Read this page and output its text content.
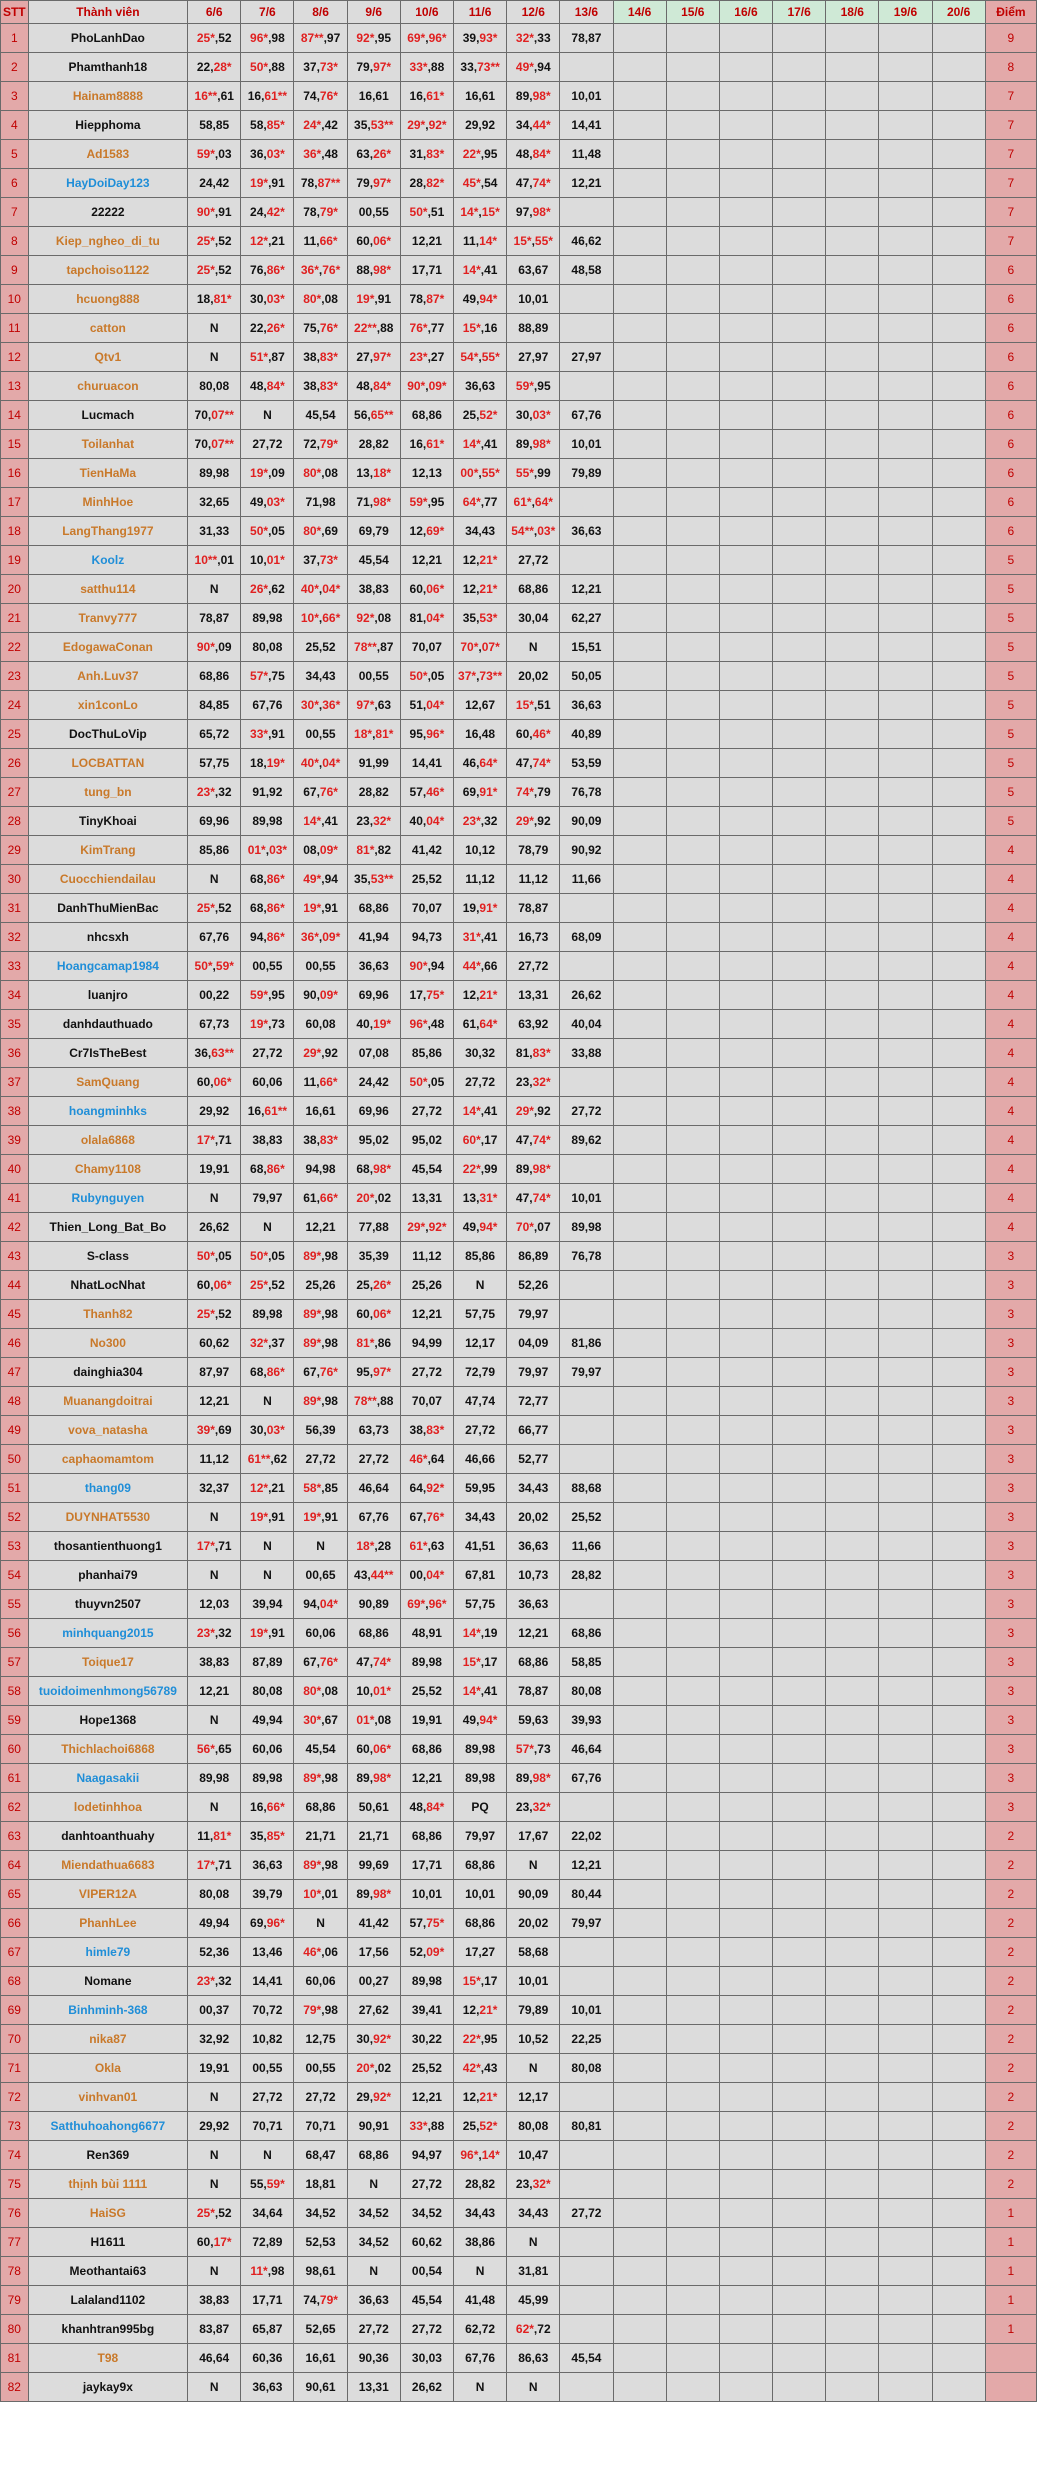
STT	Thành viên	6/6	7/6	8/6	9/6	10/6	11/6	12/6	13/6	14/6	15/6	16/6	17/6	18/6	19/6	20/6	Điểm
1	PhoLanhDao	25*,52	96*,98	87**,97	92*,95	69*,96*	39,93*	32*,33	78,87								9
2	Phamthanh18	22,28*	50*,88	37,73*	79,97*	33*,88	33,73**	49*,94									8
3	Hainam8888	16**,61	16,61**	74,76*	16,61	16,61*	16,61	89,98*	10,01								7
4	Hiepphoma	58,85	58,85*	24*,42	35,53**	29*,92*	29,92	34,44*	14,41								7
5	Ad1583	59*,03	36,03*	36*,48	63,26*	31,83*	22*,95	48,84*	11,48								7
6	HayDoiDay123	24,42	19*,91	78,87**	79,97*	28,82*	45*,54	47,74*	12,21								7
7	22222	90*,91	24,42*	78,79*	00,55	50*,51	14*,15*	97,98*									7
8	Kiep_ngheo_di_tu	25*,52	12*,21	11,66*	60,06*	12,21	11,14*	15*,55*	46,62								7
9	tapchoiso1122	25*,52	76,86*	36*,76*	88,98*	17,71	14*,41	63,67	48,58								6
10	hcuong888	18,81*	30,03*	80*,08	19*,91	78,87*	49,94*	10,01									6
11	catton	N	22,26*	75,76*	22**,88	76*,77	15*,16	88,89									6
12	Qtv1	N	51*,87	38,83*	27,97*	23*,27	54*,55*	27,97	27,97								6
13	churuacon	80,08	48,84*	38,83*	48,84*	90*,09*	36,63	59*,95									6
14	Lucmach	70,07**	N	45,54	56,65**	68,86	25,52*	30,03*	67,76								6
15	Toilanhat	70,07**	27,72	72,79*	28,82	16,61*	14*,41	89,98*	10,01								6
16	TienHaMa	89,98	19*,09	80*,08	13,18*	12,13	00*,55*	55*,99	79,89								6
17	MinhHoe	32,65	49,03*	71,98	71,98*	59*,95	64*,77	61*,64*									6
18	LangThang1977	31,33	50*,05	80*,69	69,79	12,69*	34,43	54**,03*	36,63								6
19	Koolz	10**,01	10,01*	37,73*	45,54	12,21	12,21*	27,72									5
20	satthu114	N	26*,62	40*,04*	38,83	60,06*	12,21*	68,86	12,21								5
21	Tranvy777	78,87	89,98	10*,66*	92*,08	81,04*	35,53*	30,04	62,27								5
22	EdogawaConan	90*,09	80,08	25,52	78**,87	70,07	70*,07*	N	15,51								5
23	Anh.Luv37	68,86	57*,75	34,43	00,55	50*,05	37*,73**	20,02	50,05								5
24	xin1conLo	84,85	67,76	30*,36*	97*,63	51,04*	12,67	15*,51	36,63								5
25	DocThuLoVip	65,72	33*,91	00,55	18*,81*	95,96*	16,48	60,46*	40,89								5
26	LOCBATTAN	57,75	18,19*	40*,04*	91,99	14,41	46,64*	47,74*	53,59								5
27	tung_bn	23*,32	91,92	67,76*	28,82	57,46*	69,91*	74*,79	76,78								5
28	TinyKhoai	69,96	89,98	14*,41	23,32*	40,04*	23*,32	29*,92	90,09								5
29	KimTrang	85,86	01*,03*	08,09*	81*,82	41,42	10,12	78,79	90,92								4
30	Cuocchiendailau	N	68,86*	49*,94	35,53**	25,52	11,12	11,12	11,66								4
31	DanhThuMienBac	25*,52	68,86*	19*,91	68,86	70,07	19,91*	78,87									4
32	nhcsxh	67,76	94,86*	36*,09*	41,94	94,73	31*,41	16,73	68,09								4
33	Hoangcamap1984	50*,59*	00,55	00,55	36,63	90*,94	44*,66	27,72									4
34	luanjro	00,22	59*,95	90,09*	69,96	17,75*	12,21*	13,31	26,62								4
35	danhdauthuado	67,73	19*,73	60,08	40,19*	96*,48	61,64*	63,92	40,04								4
36	Cr7IsTheBest	36,63**	27,72	29*,92	07,08	85,86	30,32	81,83*	33,88								4
37	SamQuang	60,06*	60,06	11,66*	24,42	50*,05	27,72	23,32*									4
38	hoangminhks	29,92	16,61**	16,61	69,96	27,72	14*,41	29*,92	27,72								4
39	olala6868	17*,71	38,83	38,83*	95,02	95,02	60*,17	47,74*	89,62								4
40	Chamy1108	19,91	68,86*	94,98	68,98*	45,54	22*,99	89,98*									4
41	Rubynguyen	N	79,97	61,66*	20*,02	13,31	13,31*	47,74*	10,01								4
42	Thien_Long_Bat_Bo	26,62	N	12,21	77,88	29*,92*	49,94*	70*,07	89,98								4
43	S-class	50*,05	50*,05	89*,98	35,39	11,12	85,86	86,89	76,78								3
44	NhatLocNhat	60,06*	25*,52	25,26	25,26*	25,26	N	52,26									3
45	Thanh82	25*,52	89,98	89*,98	60,06*	12,21	57,75	79,97									3
46	No300	60,62	32*,37	89*,98	81*,86	94,99	12,17	04,09	81,86								3
47	dainghia304	87,97	68,86*	67,76*	95,97*	27,72	72,79	79,97	79,97								3
48	Muanangdoitrai	12,21	N	89*,98	78**,88	70,07	47,74	72,77									3
49	vova_natasha	39*,69	30,03*	56,39	63,73	38,83*	27,72	66,77									3
50	caphaomamtom	11,12	61**,62	27,72	27,72	46*,64	46,66	52,77									3
51	thang09	32,37	12*,21	58*,85	46,64	64,92*	59,95	34,43	88,68								3
52	DUYNHAT5530	N	19*,91	19*,91	67,76	67,76*	34,43	20,02	25,52								3
53	thosantienthuong1	17*,71	N	N	18*,28	61*,63	41,51	36,63	11,66								3
54	phanhai79	N	N	00,65	43,44**	00,04*	67,81	10,73	28,82								3
55	thuyvn2507	12,03	39,94	94,04*	90,89	69*,96*	57,75	36,63									3
56	minhquang2015	23*,32	19*,91	60,06	68,86	48,91	14*,19	12,21	68,86								3
57	Toique17	38,83	87,89	67,76*	47,74*	89,98	15*,17	68,86	58,85								3
58	tuoidoimenhmong56789	12,21	80,08	80*,08	10,01*	25,52	14*,41	78,87	80,08								3
59	Hope1368	N	49,94	30*,67	01*,08	19,91	49,94*	59,63	39,93								3
60	Thichlachoi6868	56*,65	60,06	45,54	60,06*	68,86	89,98	57*,73	46,64								3
61	Naagasakii	89,98	89,98	89*,98	89,98*	12,21	89,98	89,98*	67,76								3
62	lodetinhhoa	N	16,66*	68,86	50,61	48,84*	PQ	23,32*									3
63	danhtoanthuahy	11,81*	35,85*	21,71	21,71	68,86	79,97	17,67	22,02								2
64	Miendathua6683	17*,71	36,63	89*,98	99,69	17,71	68,86	N	12,21								2
65	VIPER12A	80,08	39,79	10*,01	89,98*	10,01	10,01	90,09	80,44								2
66	PhanhLee	49,94	69,96*	N	41,42	57,75*	68,86	20,02	79,97								2
67	himle79	52,36	13,46	46*,06	17,56	52,09*	17,27	58,68									2
68	Nomane	23*,32	14,41	60,06	00,27	89,98	15*,17	10,01									2
69	Binhminh-368	00,37	70,72	79*,98	27,62	39,41	12,21*	79,89	10,01								2
70	nika87	32,92	10,82	12,75	30,92*	30,22	22*,95	10,52	22,25								2
71	Okla	19,91	00,55	00,55	20*,02	25,52	42*,43	N	80,08								2
72	vinhvan01	N	27,72	27,72	29,92*	12,21	12,21*	12,17									2
73	Satthuhoahong6677	29,92	70,71	70,71	90,91	33*,88	25,52*	80,08	80,81								2
74	Ren369	N	N	68,47	68,86	94,97	96*,14*	10,47									2
75	thịnh bùi 1111	N	55,59*	18,81	N	27,72	28,82	23,32*									2
76	HaiSG	25*,52	34,64	34,52	34,52	34,52	34,43	34,43	27,72								1
77	H1611	60,17*	72,89	52,53	34,52	60,62	38,86	N									1
78	Meothantai63	N	11*,98	98,61	N	00,54	N	31,81									1
79	Lalaland1102	38,83	17,71	74,79*	36,63	45,54	41,48	45,99									1
80	khanhtran995bg	83,87	65,87	52,65	27,72	27,72	62,72	62*,72									1
81	T98	46,64	60,36	16,61	90,36	30,03	67,76	86,63	45,54								
82	jaykay9x	N	36,63	90,61	13,31	26,62	N	N									
